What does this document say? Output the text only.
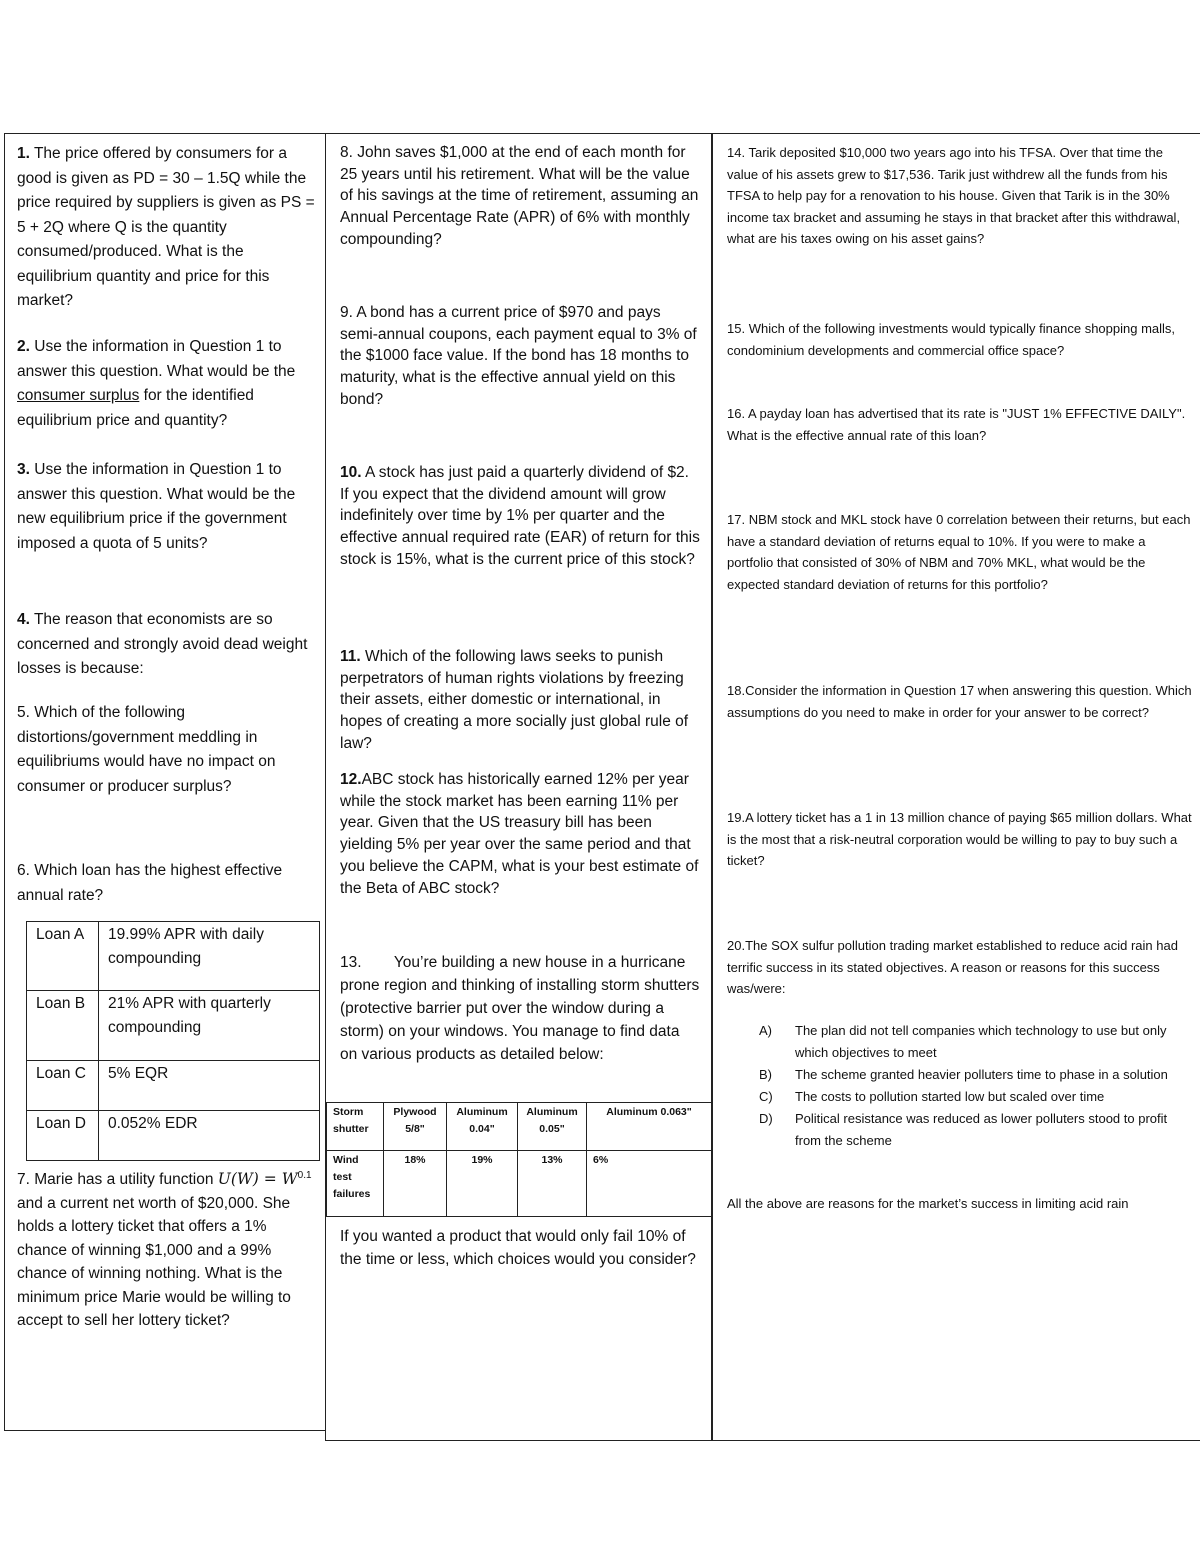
1. The price offered by consumers for a good is given as PD = 30 – 1.5Q while the price required by suppliers is given as PS = 5 + 2Q where Q is the quantity consumed/produced. What is the equilibrium quantity and price for this market?
2. Use the information in Question 1 to answer this question. What would be the consumer surplus for the identified equilibrium price and quantity?
3. Use the information in Question 1 to answer this question. What would be the new equilibrium price if the government imposed a quota of 5 units?
4. The reason that economists are so concerned and strongly avoid dead weight losses is because:
5. Which of the following distortions/government meddling in equilibriums would have no impact on consumer or producer surplus?
6. Which loan has the highest effective annual rate?
Loan A	19.99% APR with daily compounding
Loan B	21% APR with quarterly compounding
Loan C	5% EQR
Loan D	0.052% EDR
7. Marie has a utility function $U(W) = W^{0.1}$ and a current net worth of $20,000. She holds a lottery ticket that offers a 1% chance of winning $1,000 and a 99% chance of winning nothing. What is the minimum price Marie would be willing to accept to sell her lottery ticket?
8. John saves $1,000 at the end of each month for 25 years until his retirement. What will be the value of his savings at the time of retirement, assuming an Annual Percentage Rate (APR) of 6% with monthly compounding?
9. A bond has a current price of $970 and pays semi-annual coupons, each payment equal to 3% of the $1000 face value. If the bond has 18 months to maturity, what is the effective annual yield on this bond?
10. A stock has just paid a quarterly dividend of $2. If you expect that the dividend amount will grow indefinitely over time by 1% per quarter and the effective annual required rate (EAR) of return for this stock is 15%, what is the current price of this stock?
11. Which of the following laws seeks to punish perpetrators of human rights violations by freezing their assets, either domestic or international, in hopes of creating a more socially just global rule of law?
12.ABC stock has historically earned 12% per year while the stock market has been earning 11% per year. Given that the US treasury bill has been yielding 5% per year over the same period and that you believe the CAPM, what is your best estimate of the Beta of ABC stock?
13. You’re building a new house in a hurricane prone region and thinking of installing storm shutters (protective barrier put over the window during a storm) on your windows. You manage to find data on various products as detailed below:
Storm shutter	Plywood 5/8"	Aluminum 0.04"	Aluminum 0.05"	Aluminum 0.063"
Wind test failures	18%	19%	13%	6%
If you wanted a product that would only fail 10% of the time or less, which choices would you consider?
14. Tarik deposited $10,000 two years ago into his TFSA. Over that time the value of his assets grew to $17,536. Tarik just withdrew all the funds from his TFSA to help pay for a renovation to his house. Given that Tarik is in the 30% income tax bracket and assuming he stays in that bracket after this withdrawal, what are his taxes owing on his asset gains?
15. Which of the following investments would typically finance shopping malls, condominium developments and commercial office space?
16. A payday loan has advertised that its rate is "JUST 1% EFFECTIVE DAILY". What is the effective annual rate of this loan?
17. NBM stock and MKL stock have 0 correlation between their returns, but each have a standard deviation of returns equal to 10%. If you were to make a portfolio that consisted of 30% of NBM and 70% MKL, what would be the expected standard deviation of returns for this portfolio?
18.Consider the information in Question 17 when answering this question. Which assumptions do you need to make in order for your answer to be correct?
19.A lottery ticket has a 1 in 13 million chance of paying $65 million dollars. What is the most that a risk-neutral corporation would be willing to pay to buy such a ticket?
20.The SOX sulfur pollution trading market established to reduce acid rain had terrific success in its stated objectives. A reason or reasons for this success was/were:
A) The plan did not tell companies which technology to use but only which objectives to meet
B) The scheme granted heavier polluters time to phase in a solution
C) The costs to pollution started low but scaled over time
D) Political resistance was reduced as lower polluters stood to profit from the scheme
All the above are reasons for the market’s success in limiting acid rain
